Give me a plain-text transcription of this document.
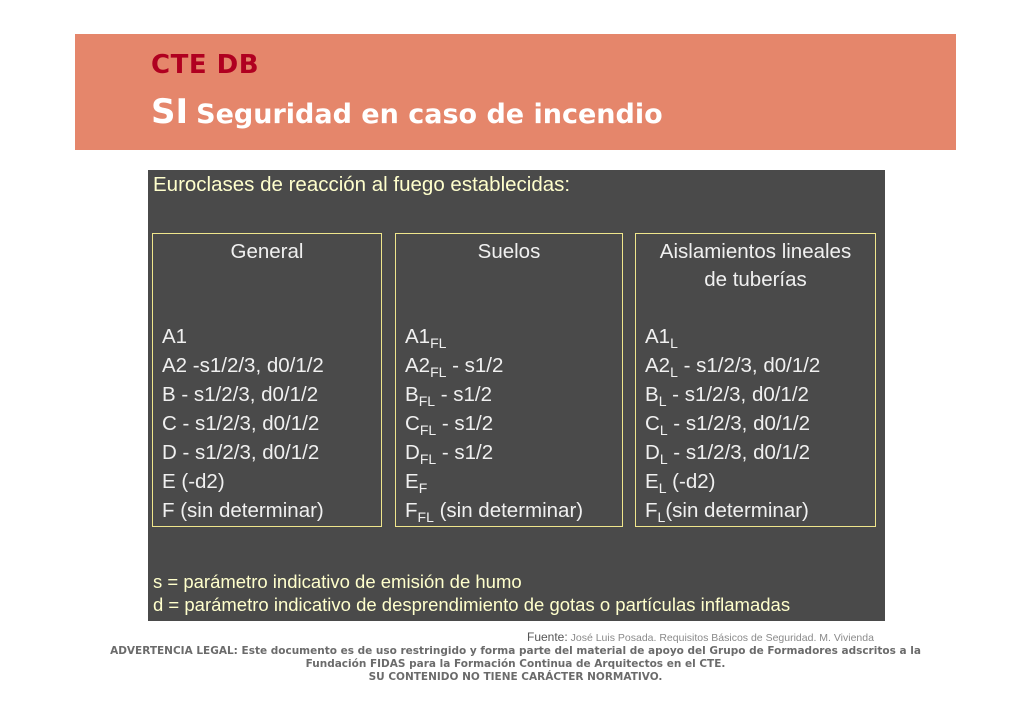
CTE DB
SI Seguridad en caso de incendio
Euroclases de reacción al fuego establecidas:
General
A1
A2 -s1/2/3, d0/1/2
B - s1/2/3, d0/1/2
C - s1/2/3, d0/1/2
D - s1/2/3, d0/1/2
E (-d2)
F (sin determinar)
Suelos
$A1_{FL}$
$A2_{FL} - s1/2$
$B_{FL} - s1/2$
$C_{FL} - s1/2$
$D_{FL} - s1/2$
$E_F$
$F_{FL}$ (sin determinar)
Aislamientos lineales
de tuberías
$A1_L$
$A2_L - s1/2/3$, d0/1/2
$B_L - s1/2/3$, d0/1/2
$C_L - s1/2/3$, d0/1/2
$D_L - s1/2/3$, d0/1/2
$E_L$ (-d2)
$F_L(\sin$ determinar)
s = parámetro indicativo de emisión de humo
d = parámetro indicativo de desprendimiento de gotas o partículas inflamadas
Fuente: José Luis Posada. Requisitos Básicos de Seguridad. M. Vivienda
ADVERTENCIA LEGAL: Este documento es de uso restringido y forma parte del material de apoyo del Grupo de Formadores adscritos a la
Fundación FIDAS para la Formación Continua de Arquitectos en el CTE.
SU CONTENIDO NO TIENE CARÁCTER NORMATIVO.
